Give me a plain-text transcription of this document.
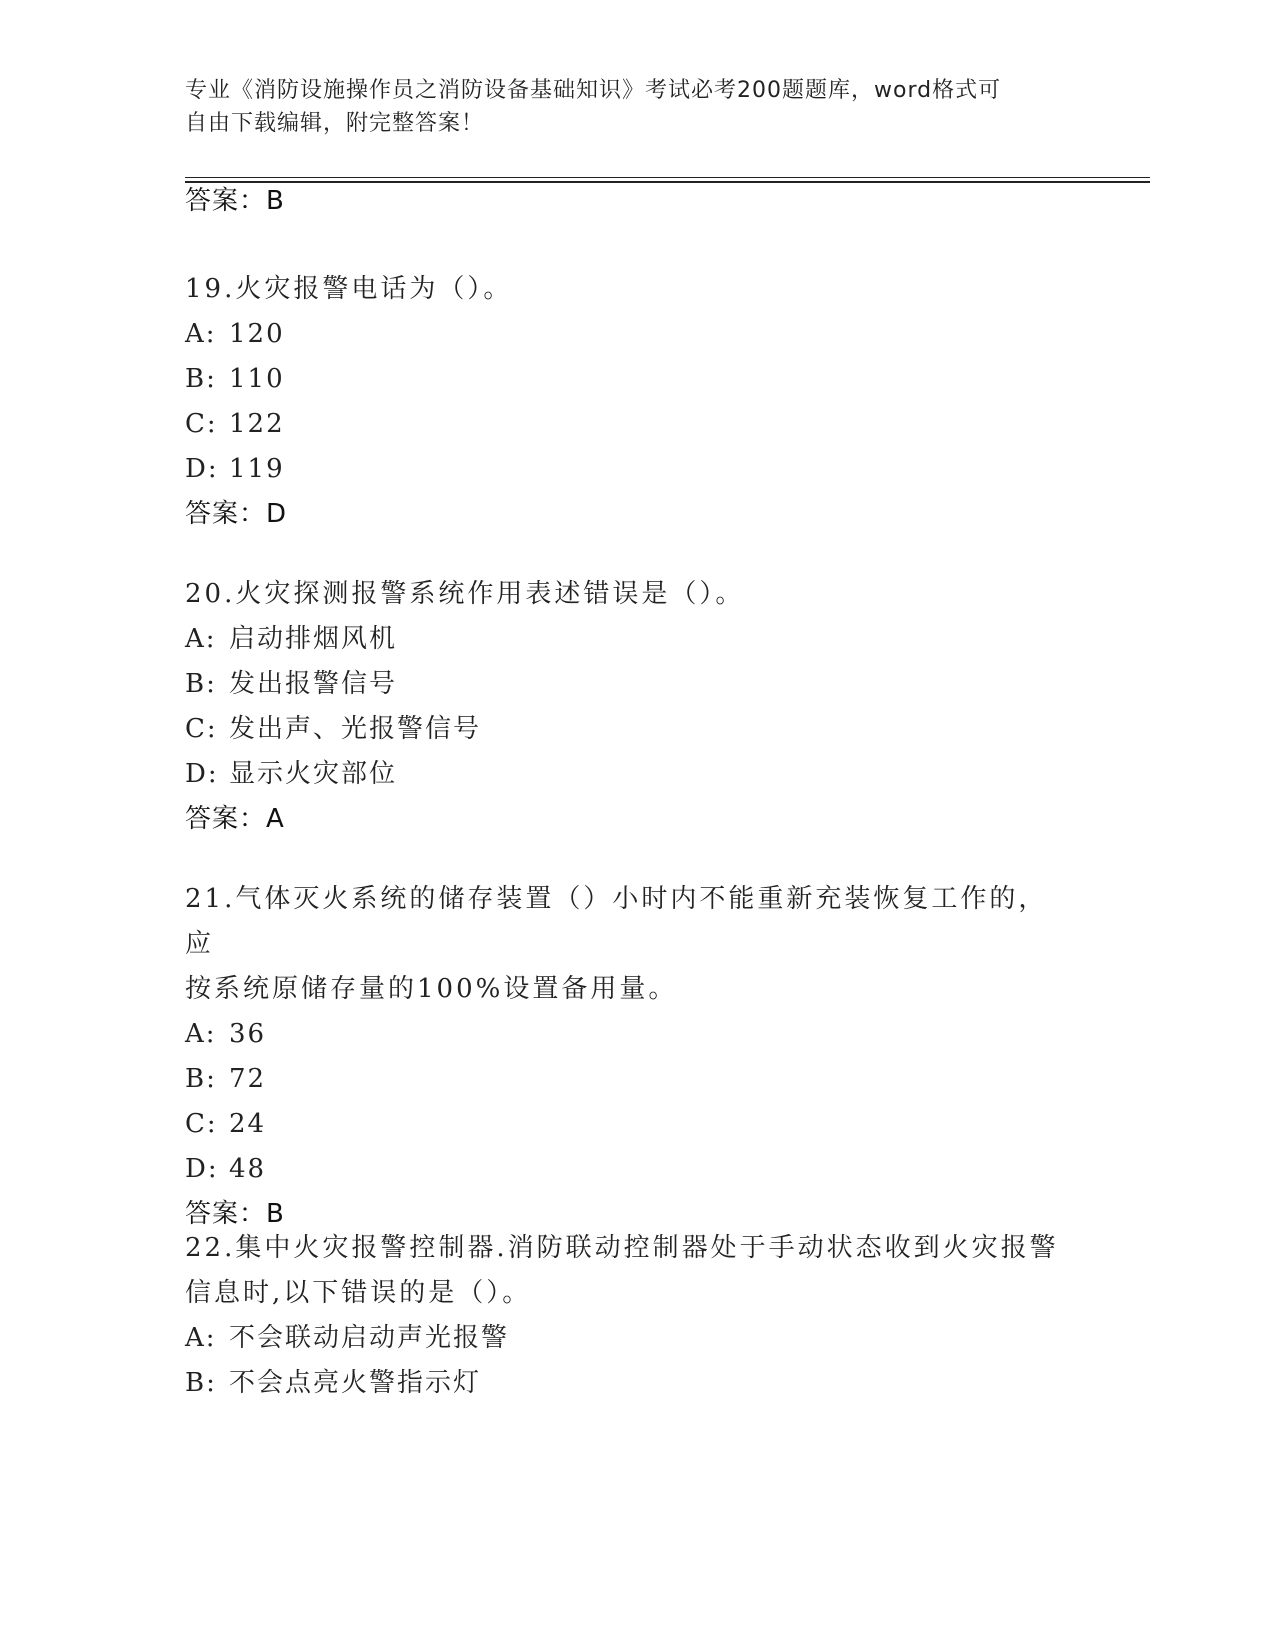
专业《消防设施操作员之消防设备基础知识》考试必考200题题库，word格式可
自由下载编辑，附完整答案！
答案：B
19.火灾报警电话为（）。
A: 120
B: 110
C: 122
D: 119
答案：D
20.火灾探测报警系统作用表述错误是（）。
A: 启动排烟风机
B: 发出报警信号
C: 发出声、光报警信号
D: 显示火灾部位
答案：A
21.气体灭火系统的储存装置（）小时内不能重新充装恢复工作的，应
按系统原储存量的100%设置备用量。
A: 36
B: 72
C: 24
D: 48
答案：B
22.集中火灾报警控制器.消防联动控制器处于手动状态收到火灾报警
信息时,以下错误的是（）。
A: 不会联动启动声光报警
B: 不会点亮火警指示灯
